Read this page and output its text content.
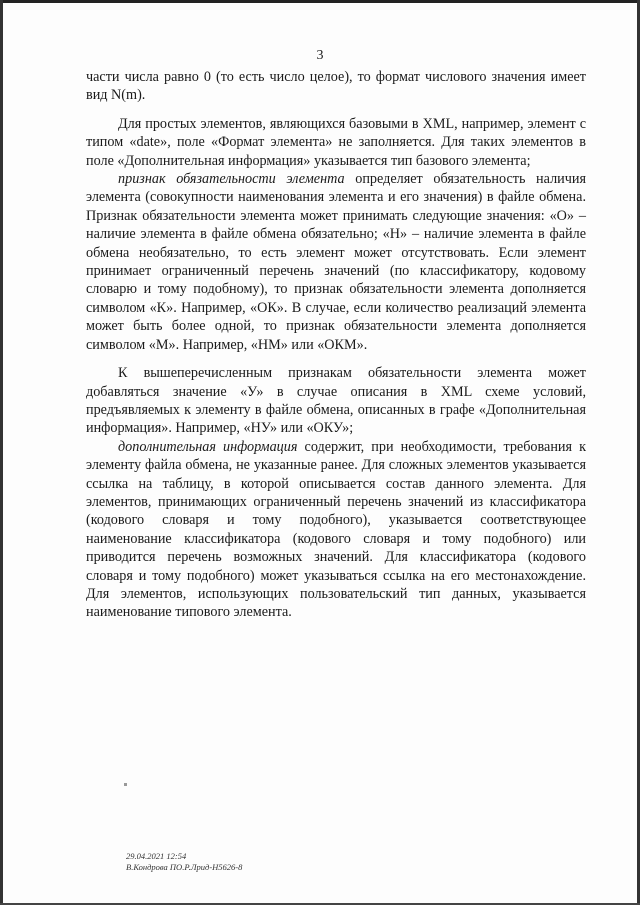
3

части числа равно 0 (то есть число целое), то формат числового значения имеет вид N(m).

Для простых элементов, являющихся базовыми в XML, например, элемент с типом «date», поле «Формат элемента» не заполняется. Для таких элементов в поле «Дополнительная информация» указывается тип базового элемента;

признак обязательности элемента определяет обязательность наличия элемента (совокупности наименования элемента и его значения) в файле обмена. Признак обязательности элемента может принимать следующие значения: «О» – наличие элемента в файле обмена обязательно; «Н» – наличие элемента в файле обмена необязательно, то есть элемент может отсутствовать. Если элемент принимает ограниченный перечень значений (по классификатору, кодовому словарю и тому подобному), то признак обязательности элемента дополняется символом «К». Например, «ОК». В случае, если количество реализаций элемента может быть более одной, то признак обязательности элемента дополняется символом «М». Например, «НМ» или «ОКМ».

К вышеперечисленным признакам обязательности элемента может добавляться значение «У» в случае описания в XML схеме условий, предъявляемых к элементу в файле обмена, описанных в графе «Дополнительная информация». Например, «НУ» или «ОКУ»;

дополнительная информация содержит, при необходимости, требования к элементу файла обмена, не указанные ранее. Для сложных элементов указывается ссылка на таблицу, в которой описывается состав данного элемента. Для элементов, принимающих ограниченный перечень значений из классификатора (кодового словаря и тому подобного), указывается соответствующее наименование классификатора (кодового словаря и тому подобного) или приводится перечень возможных значений. Для классификатора (кодового словаря и тому подобного) может указываться ссылка на его местонахождение. Для элементов, использующих пользовательский тип данных, указывается наименование типового элемента.

29.04.2021 12:54
В.Кондрова ПО.Р.Лрид-Н5626-8
